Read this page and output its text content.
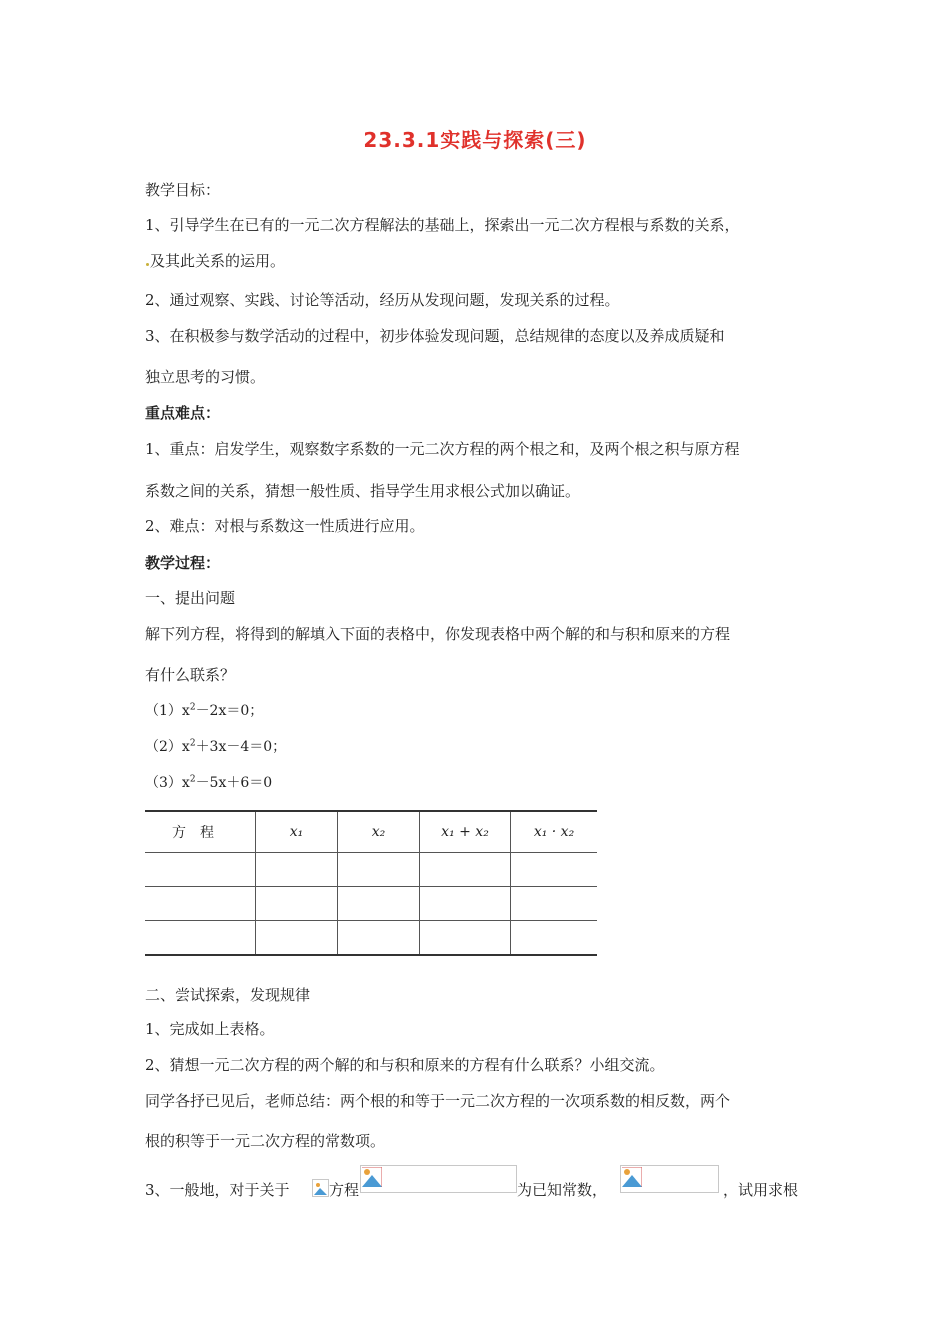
23.3.1实践与探索(三)
教学目标：
1、引导学生在已有的一元二次方程解法的基础上，探索出一元二次方程根与系数的关系，
及其此关系的运用。
2、通过观察、实践、讨论等活动，经历从发现问题，发现关系的过程。
3、在积极参与数学活动的过程中，初步体验发现问题，总结规律的态度以及养成质疑和
独立思考的习惯。
重点难点：
1、重点：启发学生，观察数字系数的一元二次方程的两个根之和，及两个根之积与原方程
系数之间的关系，猜想一般性质、指导学生用求根公式加以确证。
2、难点：对根与系数这一性质进行应用。
教学过程：
一、提出问题
解下列方程，将得到的解填入下面的表格中，你发现表格中两个解的和与积和原来的方程
有什么联系？
$(1)x^2-2x=0$；
$(2)x^2+3x-4=0$；
$(3)x^2-5x+6=0$
方程	x₁	x₂	x₁ + x₂	x₁ · x₂

二、尝试探索，发现规律
1、完成如上表格。
2、猜想一元二次方程的两个解的和与积和原来的方程有什么联系？小组交流。
同学各抒已见后，老师总结：两个根的和等于一元二次方程的一次项系数的相反数，两个
根的积等于一元二次方程的常数项。
3、一般地，对于关于	方程	为已知常数，	，试用求根
